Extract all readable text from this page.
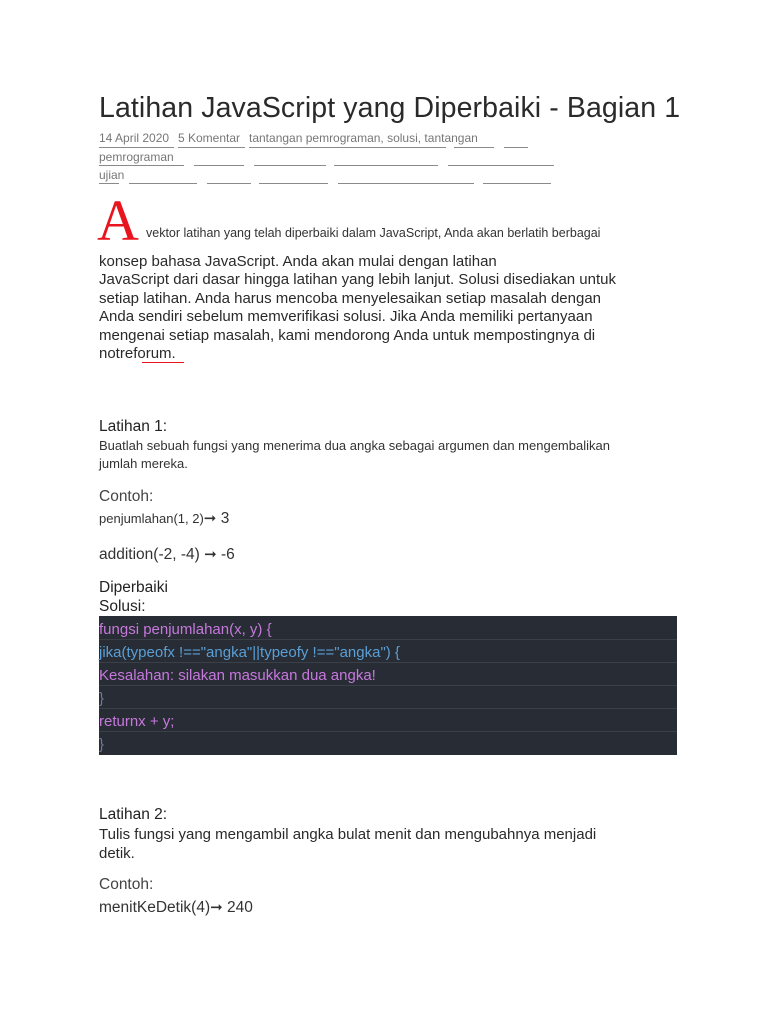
Latihan JavaScript yang Diperbaiki - Bagian 1
14 April 2020 5 Komentar tantangan pemrograman, solusi, tantangan
pemrograman
ujian
A vektor latihan yang telah diperbaiki dalam JavaScript, Anda akan berlatih berbagai
konsep bahasa JavaScript. Anda akan mulai dengan latihan
JavaScript dari dasar hingga latihan yang lebih lanjut. Solusi disediakan untuk
setiap latihan. Anda harus mencoba menyelesaikan setiap masalah dengan
Anda sendiri sebelum memverifikasi solusi. Jika Anda memiliki pertanyaan
mengenai setiap masalah, kami mendorong Anda untuk mempostingnya di
notreforum.
Latihan 1:
Buatlah sebuah fungsi yang menerima dua angka sebagai argumen dan mengembalikan
jumlah mereka.
Contoh:
penjumlahan(1, 2)➞ 3
addition(-2, -4) ➞ -6
Diperbaiki
Solusi:
fungsi penjumlahan(x, y) {
jika(typeofx !=="angka"||typeofy !=="angka") {
Kesalahan: silakan masukkan dua angka!
}
returnx + y;
}
Latihan 2:
Tulis fungsi yang mengambil angka bulat menit dan mengubahnya menjadi
detik.
Contoh:
menitKeDetik(4)➞ 240
